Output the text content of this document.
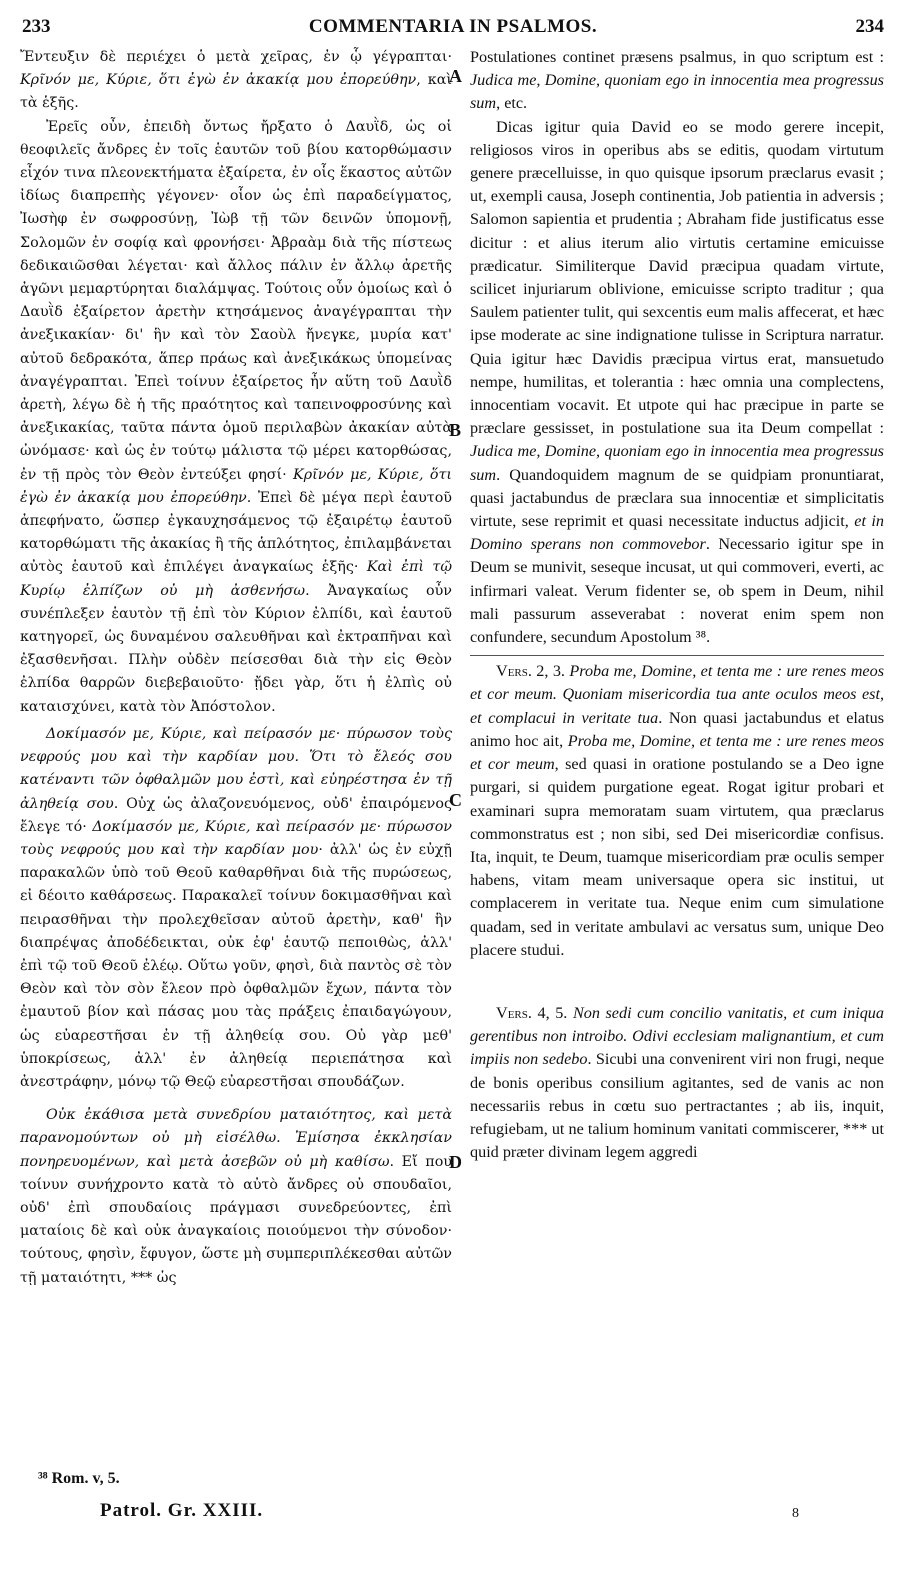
233	COMMENTARIA IN PSALMOS.	234

Ἔντευξιν δὲ περιέχει ὁ μετὰ χεῖρας, ἐν ᾧ γέγραπται· Κρῖνόν με, Κύριε, ὅτι ἐγὼ ἐν ἀκακίᾳ μου ἐπορεύθην, καὶ τὰ ἑξῆς.

Ἐρεῖς οὖν, ἐπειδὴ ὄντως ἤρξατο ὁ Δαυῒδ, ὡς οἱ θεοφιλεῖς ἄνδρες ἐν τοῖς ἑαυτῶν τοῦ βίου κατορθώμασιν εἶχόν τινα πλεονεκτήματα ἐξαίρετα, ἐν οἷς ἕκαστος αὐτῶν ἰδίως διαπρεπὴς γέγονεν· οἷον ὡς ἐπὶ παραδείγματος, Ἰωσὴφ ἐν σωφροσύνῃ, Ἰὼβ τῇ τῶν δεινῶν ὑπομονῇ, Σολομῶν ἐν σοφίᾳ καὶ φρονήσει· Ἀβραὰμ διὰ τῆς πίστεως δεδικαιῶσθαι λέγεται· καὶ ἄλλος πάλιν ἐν ἄλλῳ ἀρετῆς ἀγῶνι μεμαρτύρηται διαλάμψας. Τούτοις οὖν ὁμοίως καὶ ὁ Δαυῒδ ἐξαίρετον ἀρετὴν κτησάμενος ἀναγέγραπται τὴν ἀνεξικακίαν· δι' ἣν καὶ τὸν Σαοὺλ ἤνεγκε, μυρία κατ' αὐτοῦ δεδρακότα, ἅπερ πράως καὶ ἀνεξικάκως ὑπομείνας ἀναγέγραπται. Ἐπεὶ τοίνυν ἐξαίρετος ἦν αὕτη τοῦ Δαυῒδ ἀρετὴ, λέγω δὲ ἡ τῆς πραότητος καὶ ταπεινοφροσύνης καὶ ἀνεξικακίας, ταῦτα πάντα ὁμοῦ περιλαβὼν ἀκακίαν αὐτὰ ὠνόμασε· καὶ ὡς ἐν τούτῳ μάλιστα τῷ μέρει κατορθώσας, ἐν τῇ πρὸς τὸν Θεὸν ἐντεύξει φησί· Κρῖνόν με, Κύριε, ὅτι ἐγὼ ἐν ἀκακίᾳ μου ἐπορεύθην. Ἐπεὶ δὲ μέγα περὶ ἑαυτοῦ ἀπεφήνατο, ὥσπερ ἐγκαυχησάμενος τῷ ἐξαιρέτῳ ἑαυτοῦ κατορθώματι τῆς ἀκακίας ἢ τῆς ἁπλότητος, ἐπιλαμβάνεται αὐτὸς ἑαυτοῦ καὶ ἐπιλέγει ἀναγκαίως ἑξῆς· Καὶ ἐπὶ τῷ Κυρίῳ ἐλπίζων οὐ μὴ ἀσθενήσω. Ἀναγκαίως οὖν συνέπλεξεν ἑαυτὸν τῇ ἐπὶ τὸν Κύριον ἐλπίδι, καὶ ἑαυτοῦ κατηγορεῖ, ὡς δυναμένου σαλευθῆναι καὶ ἐκτραπῆναι καὶ ἐξασθενῆσαι. Πλὴν οὐδὲν πείσεσθαι διὰ τὴν εἰς Θεὸν ἐλπίδα θαρρῶν διεβεβαιοῦτο· ᾔδει γὰρ, ὅτι ἡ ἐλπὶς οὐ καταισχύνει, κατὰ τὸν Ἀπόστολον.

Δοκίμασόν με, Κύριε, καὶ πείρασόν με· πύρωσον τοὺς νεφρούς μου καὶ τὴν καρδίαν μου. Ὅτι τὸ ἔλεός σου κατέναντι τῶν ὀφθαλμῶν μου ἐστὶ, καὶ εὐηρέστησα ἐν τῇ ἀληθείᾳ σου. Οὐχ ὡς ἀλαζονευόμενος, οὐδ' ἐπαιρόμενος ἔλεγε τό· Δοκίμασόν με, Κύριε, καὶ πείρασόν με· πύρωσον τοὺς νεφρούς μου καὶ τὴν καρδίαν μου· ἀλλ' ὡς ἐν εὐχῇ παρακαλῶν ὑπὸ τοῦ Θεοῦ καθαρθῆναι διὰ τῆς πυρώσεως, εἰ δέοιτο καθάρσεως. Παρακαλεῖ τοίνυν δοκιμασθῆναι καὶ πειρασθῆναι τὴν προλεχθεῖσαν αὐτοῦ ἀρετὴν, καθ' ἣν διαπρέψας ἀποδέδεικται, οὐκ ἐφ' ἑαυτῷ πεποιθὼς, ἀλλ' ἐπὶ τῷ τοῦ Θεοῦ ἐλέῳ. Οὕτω γοῦν, φησὶ, διὰ παντὸς σὲ τὸν Θεὸν καὶ τὸν σὸν ἔλεον πρὸ ὀφθαλμῶν ἔχων, πάντα τὸν ἐμαυτοῦ βίον καὶ πάσας μου τὰς πράξεις ἐπαιδαγώγουν, ὡς εὐαρεστῆσαι ἐν τῇ ἀληθείᾳ σου. Οὐ γὰρ μεθ' ὑποκρίσεως, ἀλλ' ἐν ἀληθείᾳ περιεπάτησα καὶ ἀνεστράφην, μόνῳ τῷ Θεῷ εὐαρεστῆσαι σπουδάζων.

Οὐκ ἐκάθισα μετὰ συνεδρίου ματαιότητος, καὶ μετὰ παρανομούντων οὐ μὴ εἰσέλθω. Ἐμίσησα ἐκκλησίαν πονηρευομένων, καὶ μετὰ ἀσεβῶν οὐ μὴ καθίσω. Εἴ που τοίνυν συνήχροντο κατὰ τὸ αὐτὸ ἄνδρες οὐ σπουδαῖοι, οὐδ' ἐπὶ σπουδαίοις πράγμασι συνεδρεύοντες, ἐπὶ ματαίοις δὲ καὶ οὐκ ἀναγκαίοις ποιούμενοι τὴν σύνοδον· τούτους, φησὶν, ἔφυγον, ὥστε μὴ συμπεριπλέκεσθαι αὐτῶν τῇ ματαιότητι, *** ὡς

Postulationes continet præsens psalmus, in quo scriptum est : Judica me, Domine, quoniam ego in innocentia mea progressus sum, etc.

Dicas igitur quia David eo se modo gerere incepit, religiosos viros in operibus abs se editis, quodam virtutum genere præcelluisse, in quo quisque ipsorum præclarus evasit ; ut, exempli causa, Joseph continentia, Job patientia in adversis ; Salomon sapientia et prudentia ; Abraham fide justificatus esse dicitur : et alius iterum alio virtutis certamine emicuisse prædicatur. Similiterque David præcipua quadam virtute, scilicet injuriarum oblivione, emicuisse scripto traditur ; qua Saulem patienter tulit, qui sexcentis eum malis affecerat, et hæc ipse moderate ac sine indignatione tulisse in Scriptura narratur. Quia igitur hæc Davidis præcipua virtus erat, mansuetudo nempe, humilitas, et tolerantia : hæc omnia una complectens, innocentiam vocavit. Et utpote qui hac præcipue in parte se præclare gessisset, in postulatione sua ita Deum compellat : Judica me, Domine, quoniam ego in innocentia mea progressus sum. Quandoquidem magnum de se quidpiam pronuntiarat, quasi jactabundus de præclara sua innocentiæ et simplicitatis virtute, sese reprimit et quasi necessitate inductus adjicit, et in Domino sperans non commovebor. Necessario igitur spe in Deum se munivit, seseque incusat, ut qui commoveri, everti, ac infirmari valeat. Verum fidenter se, ob spem in Deum, nihil mali passurum asseverabat : noverat enim spem non confundere, secundum Apostolum ³⁸.

Vers. 2, 3. Proba me, Domine, et tenta me : ure renes meos et cor meum. Quoniam misericordia tua ante oculos meos est, et complacui in veritate tua. Non quasi jactabundus et elatus animo hoc ait, Proba me, Domine, et tenta me : ure renes meos et cor meum, sed quasi in oratione postulando se a Deo igne purgari, si quidem purgatione egeat. Rogat igitur probari et examinari supra memoratam suam virtutem, qua præclarus commonstratus est ; non sibi, sed Dei misericordiæ confisus. Ita, inquit, te Deum, tuamque misericordiam præ oculis semper habens, vitam meam universaque opera sic institui, ut complacerem in veritate tua. Neque enim cum simulatione quadam, sed in veritate ambulavi ac versatus sum, unique Deo placere studui.

Vers. 4, 5. Non sedi cum concilio vanitatis, et cum iniqua gerentibus non introibo. Odivi ecclesiam malignantium, et cum impiis non sedebo. Sicubi una convenirent viri non frugi, neque de bonis operibus consilium agitantes, sed de vanis ac non necessariis rebus in cœtu suo pertractantes ; ab iis, inquit, refugiebam, ut ne talium hominum vanitati commiscerer, *** ut quid præter divinam legem aggredi

A
B
C
D
³⁸ Rom. v, 5.
Patrol. Gr. XXIII.	8
